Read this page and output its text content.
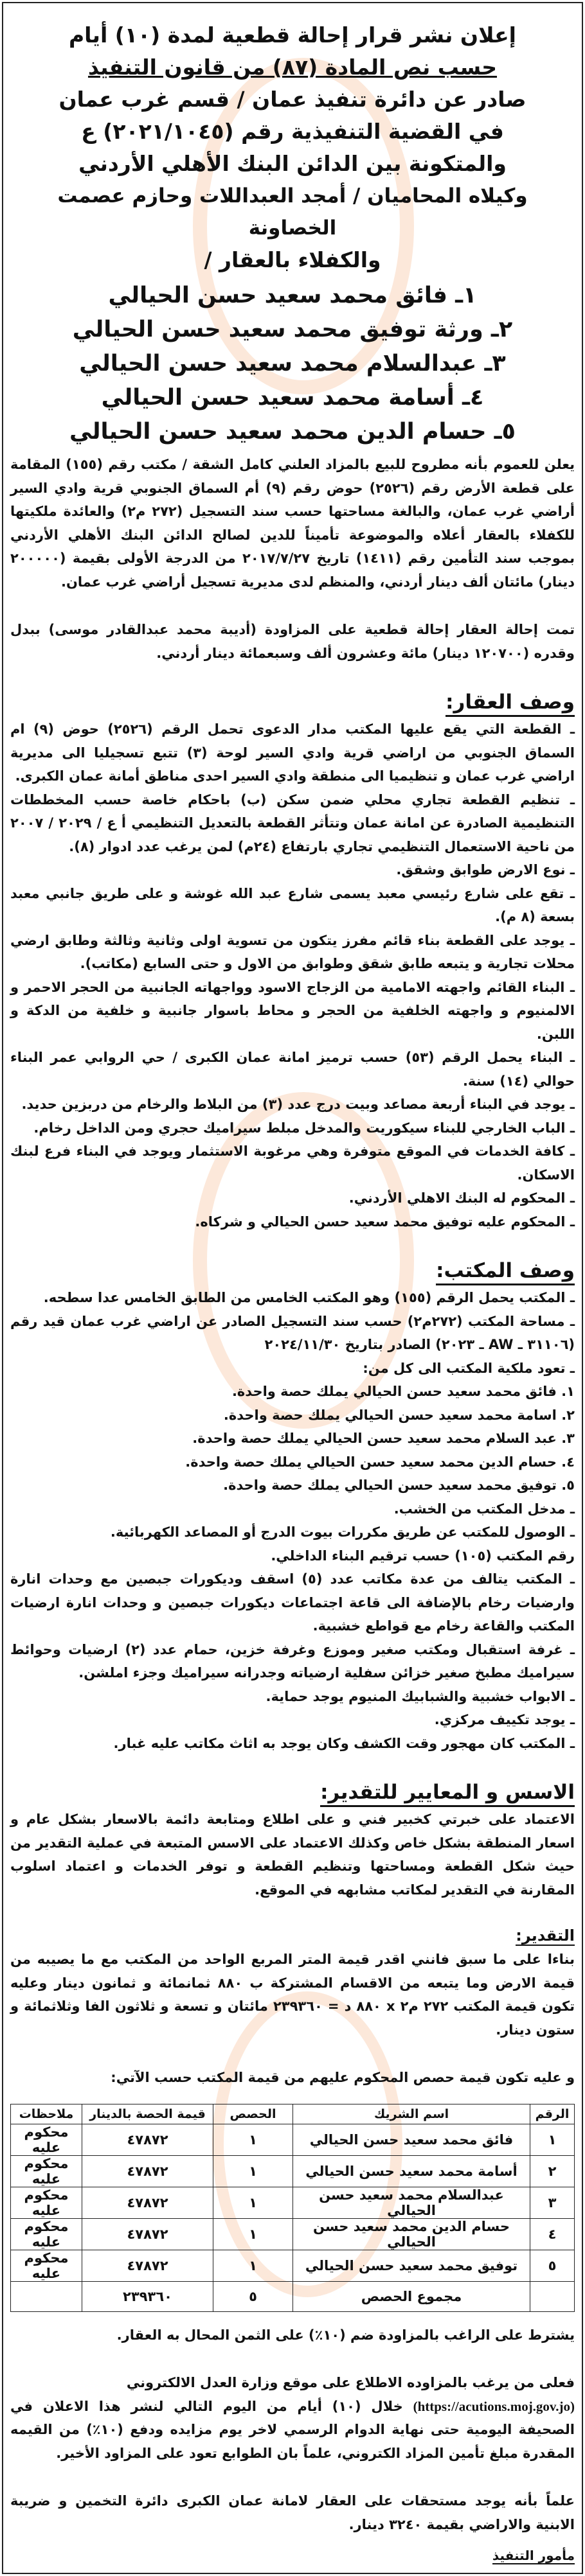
إعلان نشر قرار إحالة قطعية لمدة (١٠) أيام
حسب نص المادة (٨٧) من قانون التنفيذ
صادر عن دائرة تنفيذ عمان / قسم غرب عمان
في القضية التنفيذية رقم (٢٠٢١/١٠٤٥) ع
والمتكونة بين الدائن البنك الأهلي الأردني
وكيلاه المحاميان / أمجد العبداللات وحازم عصمت الخصاونة
والكفلاء بالعقار /
١ـ فائق محمد سعيد حسن الحيالي
٢ـ ورثة توفيق محمد سعيد حسن الحيالي
٣ـ عبدالسلام محمد سعيد حسن الحيالي
٤ـ أسامة محمد سعيد حسن الحيالي
٥ـ حسام الدين محمد سعيد حسن الحيالي

يعلن للعموم بأنه مطروح للبيع بالمزاد العلني كامل الشقة / مكتب رقم (١٥٥) المقامة على قطعة الأرض رقم (٢٥٢٦) حوض رقم (٩) أم السماق الجنوبي قرية وادي السير أراضي غرب عمان، والبالغة مساحتها حسب سند التسجيل (٢٧٢ م٢) والعائدة ملكيتها للكفلاء بالعقار أعلاه والموضوعة تأميناً للدين لصالح الدائن البنك الأهلي الأردني بموجب سند التأمين رقم (١٤١١) تاريخ ٢٠١٧/٧/٢٧ من الدرجة الأولى بقيمة (٢٠٠٠٠٠ دينار) مائتان ألف دينار أردني، والمنظم لدى مديرية تسجيل أراضي غرب عمان.

تمت إحالة العقار إحالة قطعية على المزاودة (أديبة محمد عبدالقادر موسى) ببدل وقدره (١٢٠٧٠٠ دينار) مائة وعشرون ألف وسبعمائة دينار أردني.

وصف العقار:

ـ القطعة التي يقع عليها المكتب مدار الدعوى تحمل الرقم (٢٥٢٦) حوض (٩) ام السماق الجنوبي من اراضي قرية وادي السير لوحة (٣) تتبع تسجيليا الى مديرية اراضي غرب عمان و تنظيميا الى منطقة وادي السير احدى مناطق أمانة عمان الكبرى.

ـ تنظيم القطعة تجاري محلي ضمن سكن (ب) باحكام خاصة حسب المخططات التنظيمية الصادرة عن امانة عمان وتتأثر القطعة بالتعديل التنظيمي أ ع / ٢٠٢٩ / ٢٠٠٧ من ناحية الاستعمال التنظيمي تجاري بارتفاع (٢٤م) لمن يرغب عدد ادوار (٨).

ـ نوع الارض طوابق وشقق.

ـ تقع على شارع رئيسي معبد يسمى شارع عبد الله غوشة و على طريق جانبي معبد بسعة (٨ م).

ـ يوجد على القطعة بناء قائم مفرز يتكون من تسوية اولى وثانية وثالثة وطابق ارضي محلات تجارية و يتبعه طابق شقق وطوابق من الاول و حتى السابع (مكاتب).

ـ البناء القائم واجهته الامامية من الزجاج الاسود وواجهاته الجانبية من الحجر الاحمر و الالمنيوم و واجهته الخلفية من الحجر و محاط باسوار جانبية و خلفية من الدكة و اللبن.

ـ البناء يحمل الرقم (٥٣) حسب ترميز امانة عمان الكبرى / حي الروابي عمر البناء حوالي (١٤) سنة.

ـ يوجد في البناء أربعة مصاعد وبيت درج عدد (٣) من البلاط والرخام من دربزين حديد.

ـ الباب الخارجي للبناء سيكوريت والمدخل مبلط سيراميك حجري ومن الداخل رخام.

ـ كافة الخدمات في الموقع متوفرة وهي مرغوبة الاستثمار ويوجد في البناء فرع لبنك الاسكان.

ـ المحكوم له البنك الاهلي الأردني.

ـ المحكوم عليه توفيق محمد سعيد حسن الحيالي و شركاه.

وصف المكتب:

ـ المكتب يحمل الرقم (١٥٥) وهو المكتب الخامس من الطابق الخامس عدا سطحه.

ـ مساحة المكتب (٢٧٢م٢) حسب سند التسجيل الصادر عن اراضي غرب عمان قيد رقم (٣١١٠٦ ـ AW ـ ٢٠٢٣) الصادر بتاريخ ٢٠٢٤/١١/٣٠

ـ تعود ملكية المكتب الى كل من:

١. فائق محمد سعيد حسن الحيالي يملك حصة واحدة.

٢. اسامة محمد سعيد حسن الحيالي يملك حصة واحدة.

٣. عبد السلام محمد سعيد حسن الحيالي يملك حصة واحدة.

٤. حسام الدين محمد سعيد حسن الحيالي يملك حصة واحدة.

٥. توفيق محمد سعيد حسن الحيالي يملك حصة واحدة.

ـ مدخل المكتب من الخشب.

ـ الوصول للمكتب عن طريق مكررات بيوت الدرج أو المصاعد الكهربائية.

رقم المكتب (١٠٥) حسب ترقيم البناء الداخلي.

ـ المكتب يتالف من عدة مكاتب عدد (٥) اسقف وديكورات جبصين مع وحدات انارة وارضيات رخام بالإضافة الى قاعة اجتماعات ديكورات جبصين و وحدات انارة ارضيات المكتب والقاعة رخام مع قواطع خشبية.

ـ غرفة استقبال ومكتب صغير وموزع وغرفة خزين، حمام عدد (٢) ارضيات وحوائط سيراميك مطبخ صغير خزائن سفلية ارضياته وجدرانه سيراميك وجزء املشن.

ـ الابواب خشبية والشبابيك المنيوم يوجد حماية.

ـ يوجد تكييف مركزي.

ـ المكتب كان مهجور وقت الكشف وكان يوجد به اثاث مكاتب عليه غبار.

الاسس و المعايير للتقدير:

الاعتماد على خبرتي كخبير فني و على اطلاع ومتابعة دائمة بالاسعار بشكل عام و اسعار المنطقة بشكل خاص وكذلك الاعتماد على الاسس المتبعة في عملية التقدير من حيث شكل القطعة ومساحتها وتنظيم القطعة و توفر الخدمات و اعتماد اسلوب المقارنة في التقدير لمكاتب مشابهه في الموقع.

التقدير:

بناءا على ما سبق فانني اقدر قيمة المتر المربع الواحد من المكتب مع ما يصيبه من قيمة الارض وما يتبعه من الاقسام المشتركة ب ٨٨٠ ثمانمائة و ثمانون دينار وعليه تكون قيمة المكتب ٢٧٢ م٢ x ٨٨٠ د = ٢٣٩٣٦٠ مائتان و تسعة و ثلاثون الفا وثلاثمائة و ستون دينار.

و عليه تكون قيمة حصص المحكوم عليهم من قيمة المكتب حسب الآتي:

الرقم	اسم الشريك	الحصص	قيمة الحصة بالدينار	ملاحظات
١	فائق محمد سعيد حسن الحيالي	١	٤٧٨٧٢	محكوم عليه
٢	أسامة محمد سعيد حسن الحيالي	١	٤٧٨٧٢	محكوم عليه
٣	عبدالسلام محمد سعيد حسن الحيالي	١	٤٧٨٧٢	محكوم عليه
٤	حسام الدين محمد سعيد حسن الحيالي	١	٤٧٨٧٢	محكوم عليه
٥	توفيق محمد سعيد حسن الحيالي	١	٤٧٨٧٢	محكوم عليه
	مجموع الحصص	٥	٢٣٩٣٦٠	

يشترط على الراغب بالمزاودة ضم (١٠٪) على الثمن المحال به العقار.

فعلى من يرغب بالمزاوده الاطلاع على موقع وزارة العدل الالكتروني
(https://acutions.moj.gov.jo) خلال (١٠) أيام من اليوم التالي لنشر هذا الاعلان في الصحيفة اليومية حتى نهاية الدوام الرسمي لاخر يوم مزايده ودفع (١٠٪) من القيمه المقدرة مبلغ تأمين المزاد الكتروني، علماً بان الطوابع تعود على المزاود الأخير.

علماً بأنه يوجد مستحقات على العقار لامانة عمان الكبرى دائرة التخمين و ضريبة الابنية والاراضي بقيمة ٣٢٤٠ دينار.

مأمور التنفيذ
